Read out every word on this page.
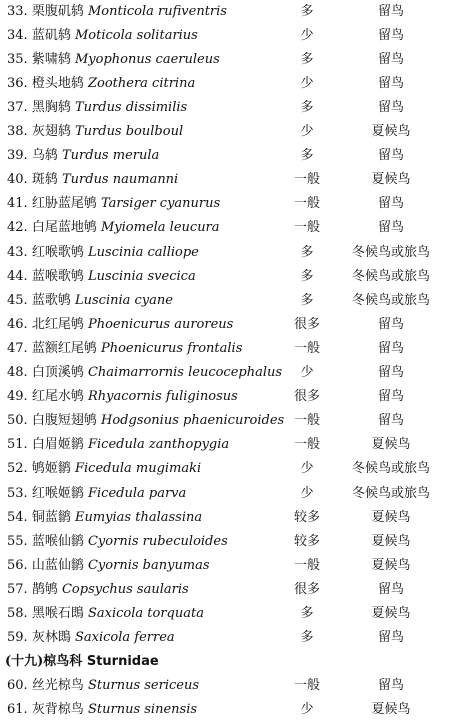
33. 栗腹矶鸫 Monticola rufiventris	多	留鸟
34. 蓝矶鸫 Moticola solitarius	少	留鸟
35. 紫啸鸫 Myophonus caeruleus	多	留鸟
36. 橙头地鸫 Zoothera citrina	少	留鸟
37. 黑胸鸫 Turdus dissimilis	多	留鸟
38. 灰翅鸫 Turdus boulboul	少	夏候鸟
39. 乌鸫 Turdus merula	多	留鸟
40. 斑鸫 Turdus naumanni	一般	夏候鸟
41. 红胁蓝尾鸲 Tarsiger cyanurus	一般	留鸟
42. 白尾蓝地鸲 Myiomela leucura	一般	留鸟
43. 红喉歌鸲 Luscinia calliope	多	冬候鸟或旅鸟
44. 蓝喉歌鸲 Luscinia svecica	多	冬候鸟或旅鸟
45. 蓝歌鸲 Luscinia cyane	多	冬候鸟或旅鸟
46. 北红尾鸲 Phoenicurus auroreus	很多	留鸟
47. 蓝额红尾鸲 Phoenicurus frontalis	一般	留鸟
48. 白顶溪鸲 Chaimarrornis leucocephalus	少	留鸟
49. 红尾水鸲 Rhyacornis fuliginosus	很多	留鸟
50. 白腹短翅鸲 Hodgsonius phaenicuroides 一般	留鸟
51. 白眉姬鹟 Ficedula zanthopygia	一般	夏候鸟
52. 鸲姬鹟 Ficedula mugimaki	少	冬候鸟或旅鸟
53. 红喉姬鹟 Ficedula parva	少	冬候鸟或旅鸟
54. 铜蓝鹟 Eumyias thalassina	较多	夏候鸟
55. 蓝喉仙鹟 Cyornis rubeculoides	较多	夏候鸟
56. 山蓝仙鹟 Cyornis banyumas	一般	夏候鸟
57. 鹊鸲 Copsychus saularis	很多	留鸟
58. 黑喉石鵖 Saxicola torquata	多	夏候鸟
59. 灰林鵖 Saxicola ferrea	多	留鸟
(十九)椋鸟科 Sturnidae
60. 丝光椋鸟 Sturnus sericeus	一般	留鸟
61. 灰背椋鸟 Sturnus sinensis	少	夏候鸟
